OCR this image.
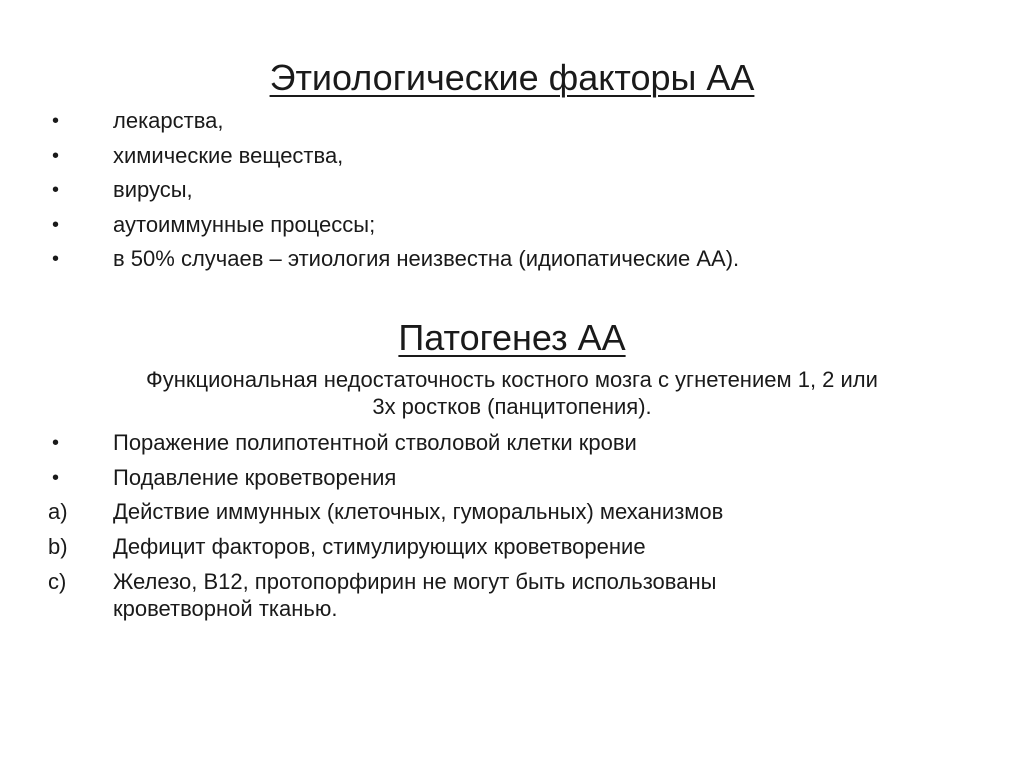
Этиологические факторы АА
•	лекарства,
•	химические вещества,
•	вирусы,
•	аутоиммунные процессы;
•	в 50% случаев – этиология неизвестна (идиопатические АА).
Патогенез АА

Функциональная недостаточность костного мозга с угнетением 1, 2 или
3х ростков (панцитопения).

•	Поражение полипотентной стволовой клетки крови
•	Подавление кроветворения
a)	Действие иммунных (клеточных, гуморальных) механизмов
b)	Дефицит факторов, стимулирующих кроветворение
c)	Железо, В12, протопорфирин не могут быть использованы
кроветворной тканью.
